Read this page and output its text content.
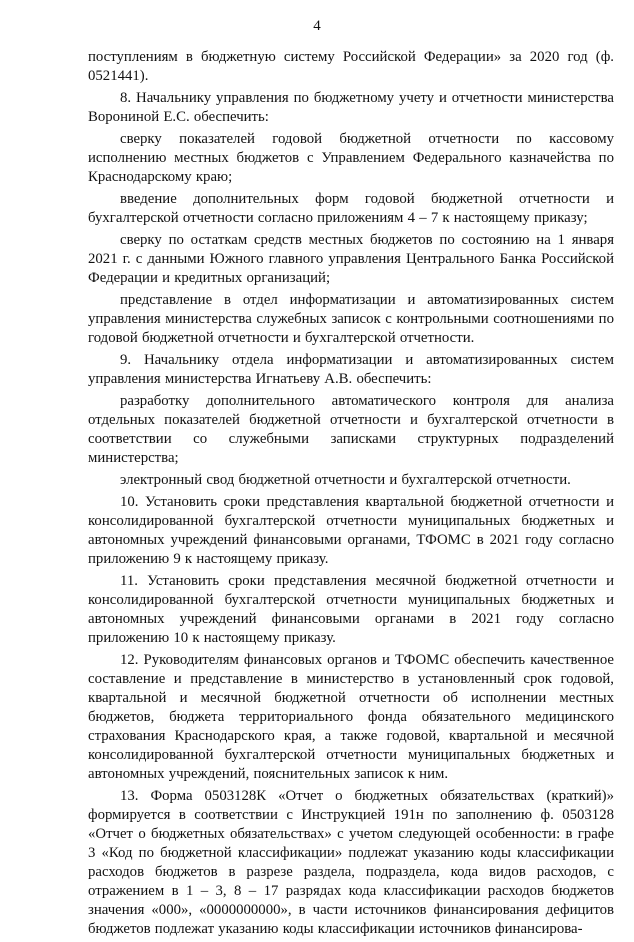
4

поступлениям в бюджетную систему Российской Федерации» за 2020 год (ф. 0521441).

8. Начальнику управления по бюджетному учету и отчетности министерства Ворониной Е.С. обеспечить:

сверку показателей годовой бюджетной отчетности по кассовому исполнению местных бюджетов с Управлением Федерального казначейства по Краснодарскому краю;

введение дополнительных форм годовой бюджетной отчетности и бухгалтерской отчетности согласно приложениям 4 – 7 к настоящему приказу;

сверку по остаткам средств местных бюджетов по состоянию на 1 января 2021 г. с данными Южного главного управления Центрального Банка Российской Федерации и кредитных организаций;

представление в отдел информатизации и автоматизированных систем управления министерства служебных записок с контрольными соотношениями по годовой бюджетной отчетности и бухгалтерской отчетности.

9. Начальнику отдела информатизации и автоматизированных систем управления министерства Игнатьеву А.В. обеспечить:

разработку дополнительного автоматического контроля для анализа отдельных показателей бюджетной отчетности и бухгалтерской отчетности в соответствии со служебными записками структурных подразделений министерства;

электронный свод бюджетной отчетности и бухгалтерской отчетности.

10. Установить сроки представления квартальной бюджетной отчетности и консолидированной бухгалтерской отчетности муниципальных бюджетных и автономных учреждений финансовыми органами, ТФОМС в 2021 году согласно приложению 9 к настоящему приказу.

11. Установить сроки представления месячной бюджетной отчетности и консолидированной бухгалтерской отчетности муниципальных бюджетных и автономных учреждений финансовыми органами в 2021 году согласно приложению 10 к настоящему приказу.

12. Руководителям финансовых органов и ТФОМС обеспечить качественное составление и представление в министерство в установленный срок годовой, квартальной и месячной бюджетной отчетности об исполнении местных бюджетов, бюджета территориального фонда обязательного медицинского страхования Краснодарского края, а также годовой, квартальной и месячной консолидированной бухгалтерской отчетности муниципальных бюджетных и автономных учреждений, пояснительных записок к ним.

13. Форма 0503128К «Отчет о бюджетных обязательствах (краткий)» формируется в соответствии с Инструкцией 191н по заполнению ф. 0503128 «Отчет о бюджетных обязательствах» с учетом следующей особенности: в графе 3 «Код по бюджетной классификации» подлежат указанию коды классификации расходов бюджетов в разрезе раздела, подраздела, кода видов расходов, с отражением в 1 – 3, 8 – 17 разрядах кода классификации расходов бюджетов значения «000», «0000000000», в части источников финансирования дефицитов бюджетов подлежат указанию коды классификации источников финансирова-
